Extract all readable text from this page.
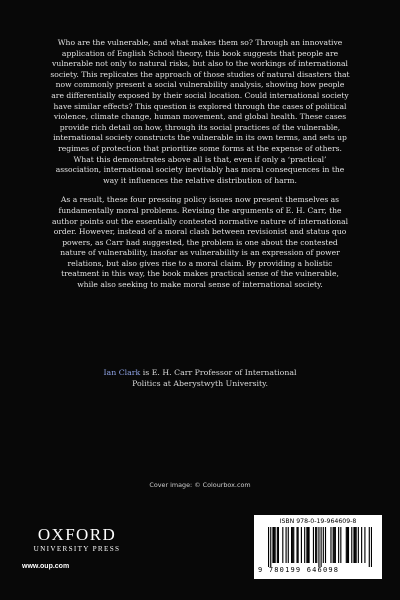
Who are the vulnerable, and what makes them so? Through an innovative application of English School theory, this book suggests that people are vulnerable not only to natural risks, but also to the workings of international society. This replicates the approach of those studies of natural disasters that now commonly present a social vulnerability analysis, showing how people are differentially exposed by their social location. Could international society have similar effects? This question is explored through the cases of political violence, climate change, human movement, and global health. These cases provide rich detail on how, through its social practices of the vulnerable, international society constructs the vulnerable in its own terms, and sets up regimes of protection that prioritize some forms at the expense of others. What this demonstrates above all is that, even if only a ‘practical’ association, international society inevitably has moral consequences in the way it influences the relative distribution of harm.

As a result, these four pressing policy issues now present themselves as fundamentally moral problems. Revising the arguments of E. H. Carr, the author points out the essentially contested normative nature of international order. However, instead of a moral clash between revisionist and status quo powers, as Carr had suggested, the problem is one about the contested nature of vulnerability, insofar as vulnerability is an expression of power relations, but also gives rise to a moral claim. By providing a holistic treatment in this way, the book makes practical sense of the vulnerable, while also seeking to make moral sense of international society.

Ian Clark is E. H. Carr Professor of International
Politics at Aberystwyth University.
Cover image: © Colourbox.com
OXFORD
UNIVERSITY PRESS
www.oup.com
ISBN 978-0-19-964609-8
9 780199 646098
